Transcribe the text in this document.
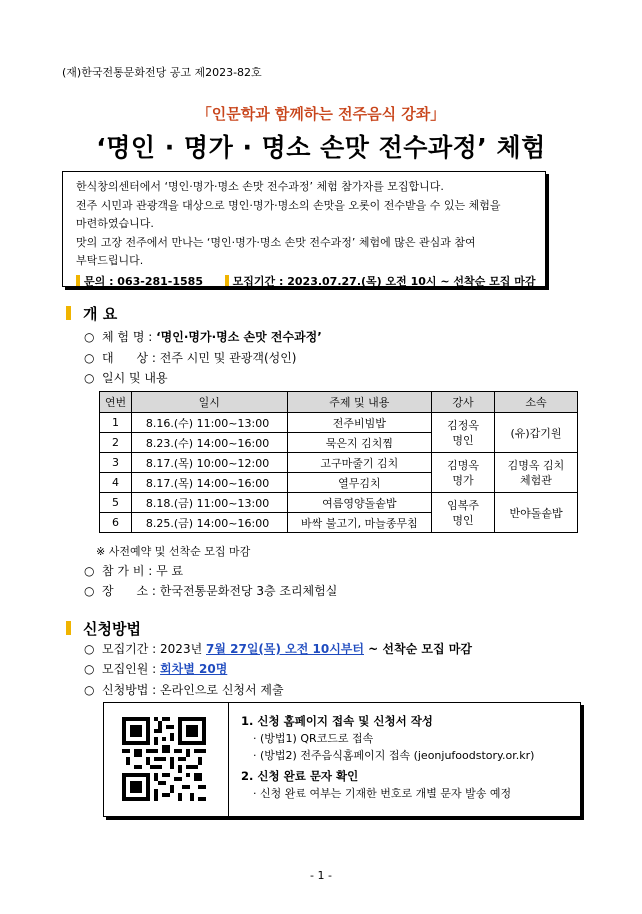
(재)한국전통문화전당 공고 제2023-82호
「인문학과 함께하는 전주음식 강좌」
‘명인 · 명가 · 명소 손맛 전수과정’ 체험
한식창의센터에서 ‘명인·명가·명소 손맛 전수과정’ 체험 참가자를 모집합니다.
전주 시민과 관광객을 대상으로 명인·명가·명소의 손맛을 오롯이 전수받을 수 있는 체험을
마련하였습니다.
맛의 고장 전주에서 만나는 ‘명인·명가·명소 손맛 전수과정’ 체험에 많은 관심과 참여
부탁드립니다.
문의 : 063-281-1585	모집기간 : 2023.07.27.(목) 오전 10시 ~ 선착순 모집 마감
개 요
○ 체 험 명 : ‘명인·명가·명소 손맛 전수과정’
○ 대      상 : 전주 시민 및 관광객(성인)
○ 일시 및 내용
연번	일시	주제 및 내용	강사	소속
1	8.16.(수) 11:00~13:00	전주비빔밥	김정옥 명인	(유)갑기원
2	8.23.(수) 14:00~16:00	묵은지 김치찜		
3	8.17.(목) 10:00~12:00	고구마줄기 김치	김명옥 명가	김명옥 김치 체험관
4	8.17.(목) 14:00~16:00	열무김치		
5	8.18.(금) 11:00~13:00	여름영양돌솥밥	임복주 명인	반야돌솥밥
6	8.25.(금) 14:00~16:00	바싹 불고기, 마늘종무침		
※ 사전예약 및 선착순 모집 마감
○ 참 가 비 : 무 료
○ 장      소 : 한국전통문화전당 3층 조리체험실
신청방법
○ 모집기간 : 2023년 7월 27일(목) 오전 10시부터 ~ 선착순 모집 마감
○ 모집인원 : 회차별 20명
○ 신청방법 : 온라인으로 신청서 제출
1. 신청 홈페이지 접속 및 신청서 작성
· (방법1) QR코드로 접속
· (방법2) 전주음식홈페이지 접속 (jeonjufoodstory.or.kr)
2. 신청 완료 문자 확인
· 신청 완료 여부는 기재한 번호로 개별 문자 발송 예정
- 1 -
